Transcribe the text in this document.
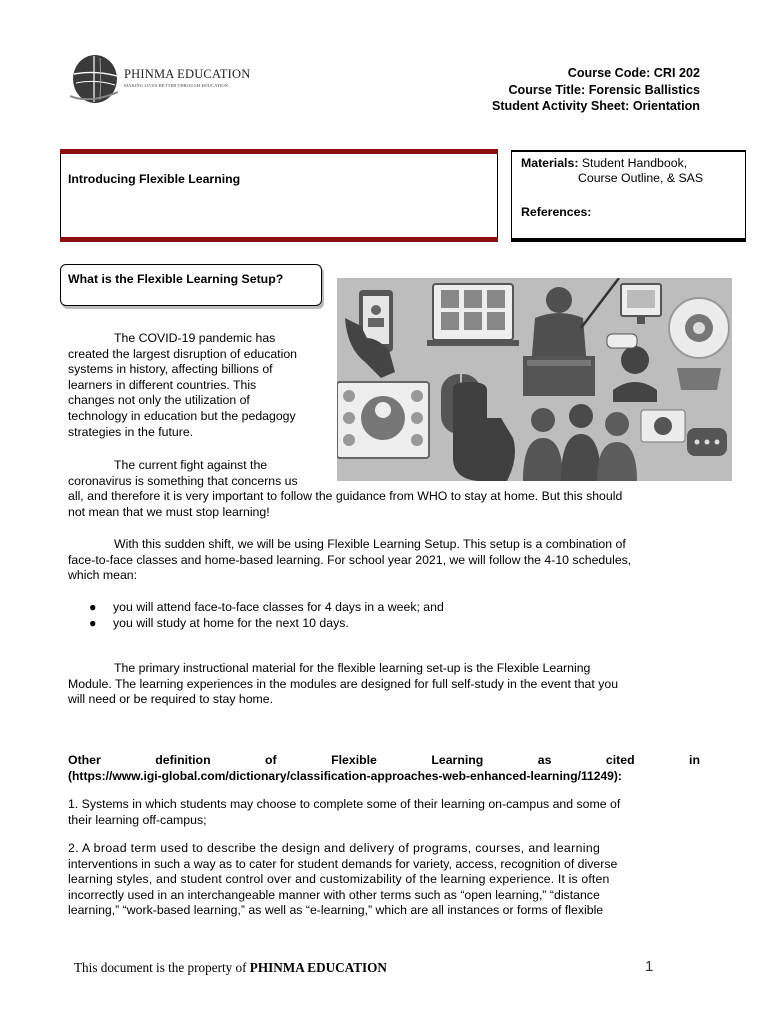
PHINMA EDUCATION
MAKING LIVES BETTER THROUGH EDUCATION
Course Code: CRI 202
Course Title: Forensic Ballistics
Student Activity Sheet: Orientation
Introducing Flexible Learning
Materials: Student Handbook,
Course Outline, & SAS
References:
What is the Flexible Learning Setup?
The COVID-19 pandemic has
created the largest disruption of education
systems in history, affecting billions of
learners in different countries. This
changes not only the utilization of
technology in education but the pedagogy
strategies in the future.
The current fight against the
coronavirus is something that concerns us
all, and therefore it is very important to follow the guidance from WHO to stay at home. But this should
not mean that we must stop learning!
With this sudden shift, we will be using Flexible Learning Setup. This setup is a combination of
face-to-face classes and home-based learning. For school year 2021, we will follow the 4-10 schedules,
which mean:
● you will attend face-to-face classes for 4 days in a week; and
● you will study at home for the next 10 days.
The primary instructional material for the flexible learning set-up is the Flexible Learning
Module. The learning experiences in the modules are designed for full self-study in the event that you
will need or be required to stay home.
Other	definition	of	Flexible	Learning	as	cited	in
(https://www.igi-global.com/dictionary/classification-approaches-web-enhanced-learning/11249):
1. Systems in which students may choose to complete some of their learning on-campus and some of
their learning off-campus;
2. A broad term used to describe the design and delivery of programs, courses, and learning
interventions in such a way as to cater for student demands for variety, access, recognition of diverse
learning styles, and student control over and customizability of the learning experience. It is often
incorrectly used in an interchangeable manner with other terms such as “open learning,” “distance
learning,” “work-based learning,” as well as “e-learning,” which are all instances or forms of flexible
This document is the property of PHINMA EDUCATION	1
